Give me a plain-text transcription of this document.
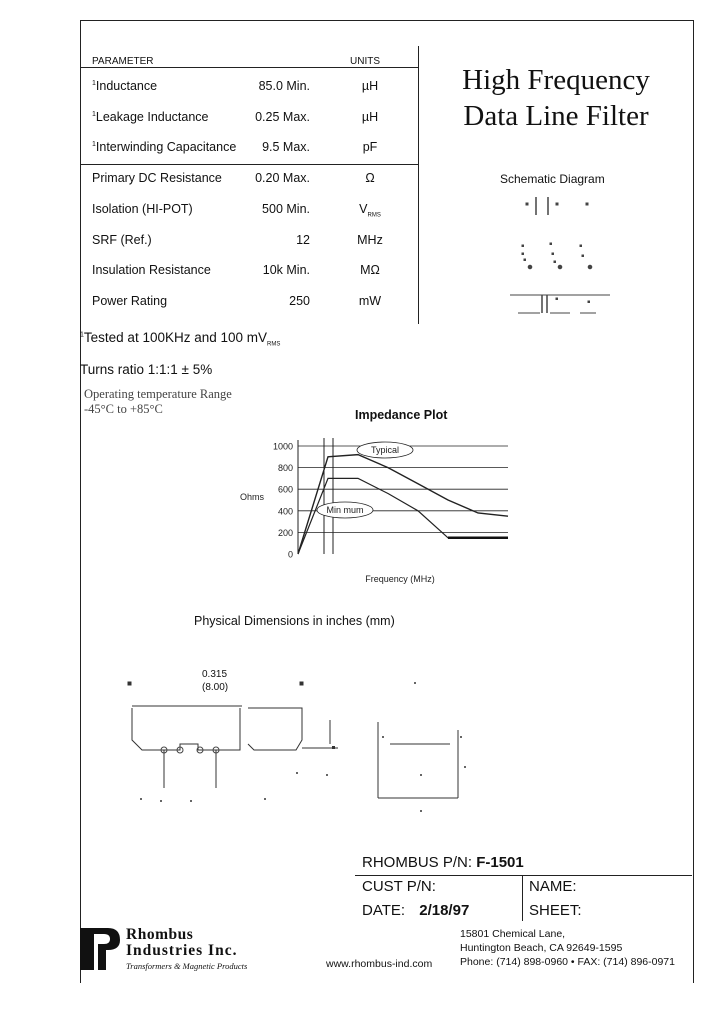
PARAMETER	UNITS
$^1$Inductance	85.0 Min.	µH
$^1$Leakage Inductance	0.25 Max.	µH
$^1$Interwinding Capacitance 9.5 Max.	pF
Primary DC Resistance	0.20 Max.	Ω
Isolation (HI-POT)	500 Min.	$V_{RMS}$
SRF (Ref.)	12	MHz
Insulation Resistance	10k Min.	MΩ
Power Rating	250	mW
High Frequency
Data Line Filter
Schematic Diagram
$^1$Tested at 100KHz and 100 $mV_{RMS}$
Turns ratio 1:1:1 ± 5%
Operating temperature Range
-45°C to +85°C	Impedance Plot
1000
800
600
400
200
0
Typical
Min mum
Ohms
Frequency (MHz)
Physical Dimensions in inches (mm)
0.315
(8.00)
RHOMBUS P/N: F-1501
CUST P/N:	NAME:
DATE: 2/18/97	SHEET:
Rhombus
Industries Inc.
Transformers & Magnetic Products	www.rhombus-ind.com
15801 Chemical Lane,
Huntington Beach, CA 92649-1595
Phone: (714) 898-0960 • FAX: (714) 896-0971
